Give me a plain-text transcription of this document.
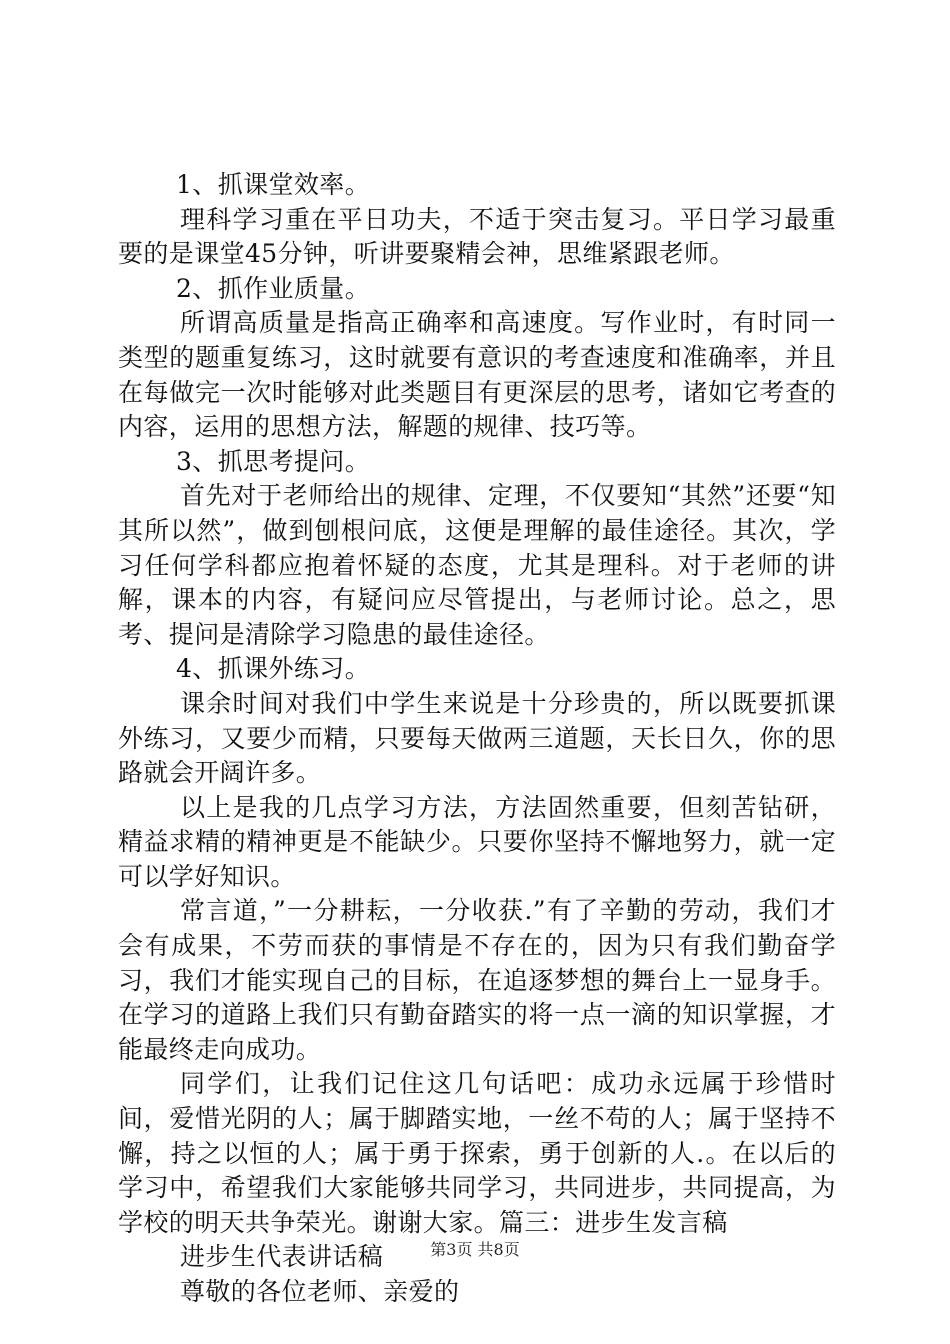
1、抓课堂效率。

理科学习重在平日功夫，不适于突击复习。平日学习最重要的是课堂45分钟，听讲要聚精会神，思维紧跟老师。

2、抓作业质量。

所谓高质量是指高正确率和高速度。写作业时，有时同一类型的题重复练习，这时就要有意识的考查速度和准确率，并且在每做完一次时能够对此类题目有更深层的思考，诸如它考查的内容，运用的思想方法，解题的规律、技巧等。

3、抓思考提问。

首先对于老师给出的规律、定理，不仅要知“其然”还要“知其所以然”，做到刨根问底，这便是理解的最佳途径。其次，学习任何学科都应抱着怀疑的态度，尤其是理科。对于老师的讲解，课本的内容，有疑问应尽管提出，与老师讨论。总之，思考、提问是清除学习隐患的最佳途径。

4、抓课外练习。

课余时间对我们中学生来说是十分珍贵的，所以既要抓课外练习，又要少而精，只要每天做两三道题，天长日久，你的思路就会开阔许多。

以上是我的几点学习方法，方法固然重要，但刻苦钻研，精益求精的精神更是不能缺少。只要你坚持不懈地努力，就一定可以学好知识。

常言道，”一分耕耘，一分收获.”有了辛勤的劳动，我们才会有成果，不劳而获的事情是不存在的，因为只有我们勤奋学习，我们才能实现自己的目标，在追逐梦想的舞台上一显身手。在学习的道路上我们只有勤奋踏实的将一点一滴的知识掌握，才能最终走向成功。

同学们，让我们记住这几句话吧：成功永远属于珍惜时间，爱惜光阴的人；属于脚踏实地，一丝不苟的人；属于坚持不懈，持之以恒的人；属于勇于探索，勇于创新的人.。在以后的学习中，希望我们大家能够共同学习，共同进步，共同提高，为学校的明天共争荣光。谢谢大家。篇三：进步生发言稿

进步生代表讲话稿

尊敬的各位老师、亲爱的

第3页 共8页
